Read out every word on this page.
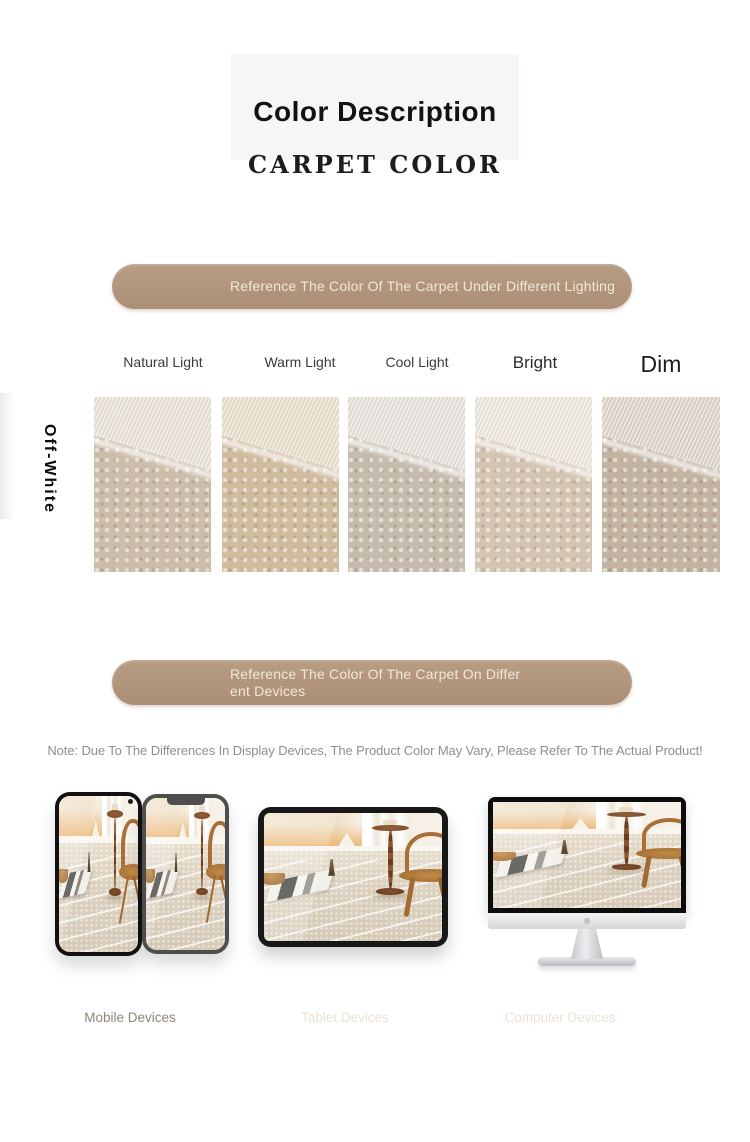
Color Description
CARPET COLOR
Reference The Color Of The Carpet Under Different Lighting
Natural Light	Warm Light	Cool Light	Bright	Dim
Off-White
Reference The Color Of The Carpet On Differ
ent Devices
Note: Due To The Differences In Display Devices, The Product Color May Vary, Please Refer To The Actual Product!
Mobile Devices	Tablet Devices	Computer Devices
